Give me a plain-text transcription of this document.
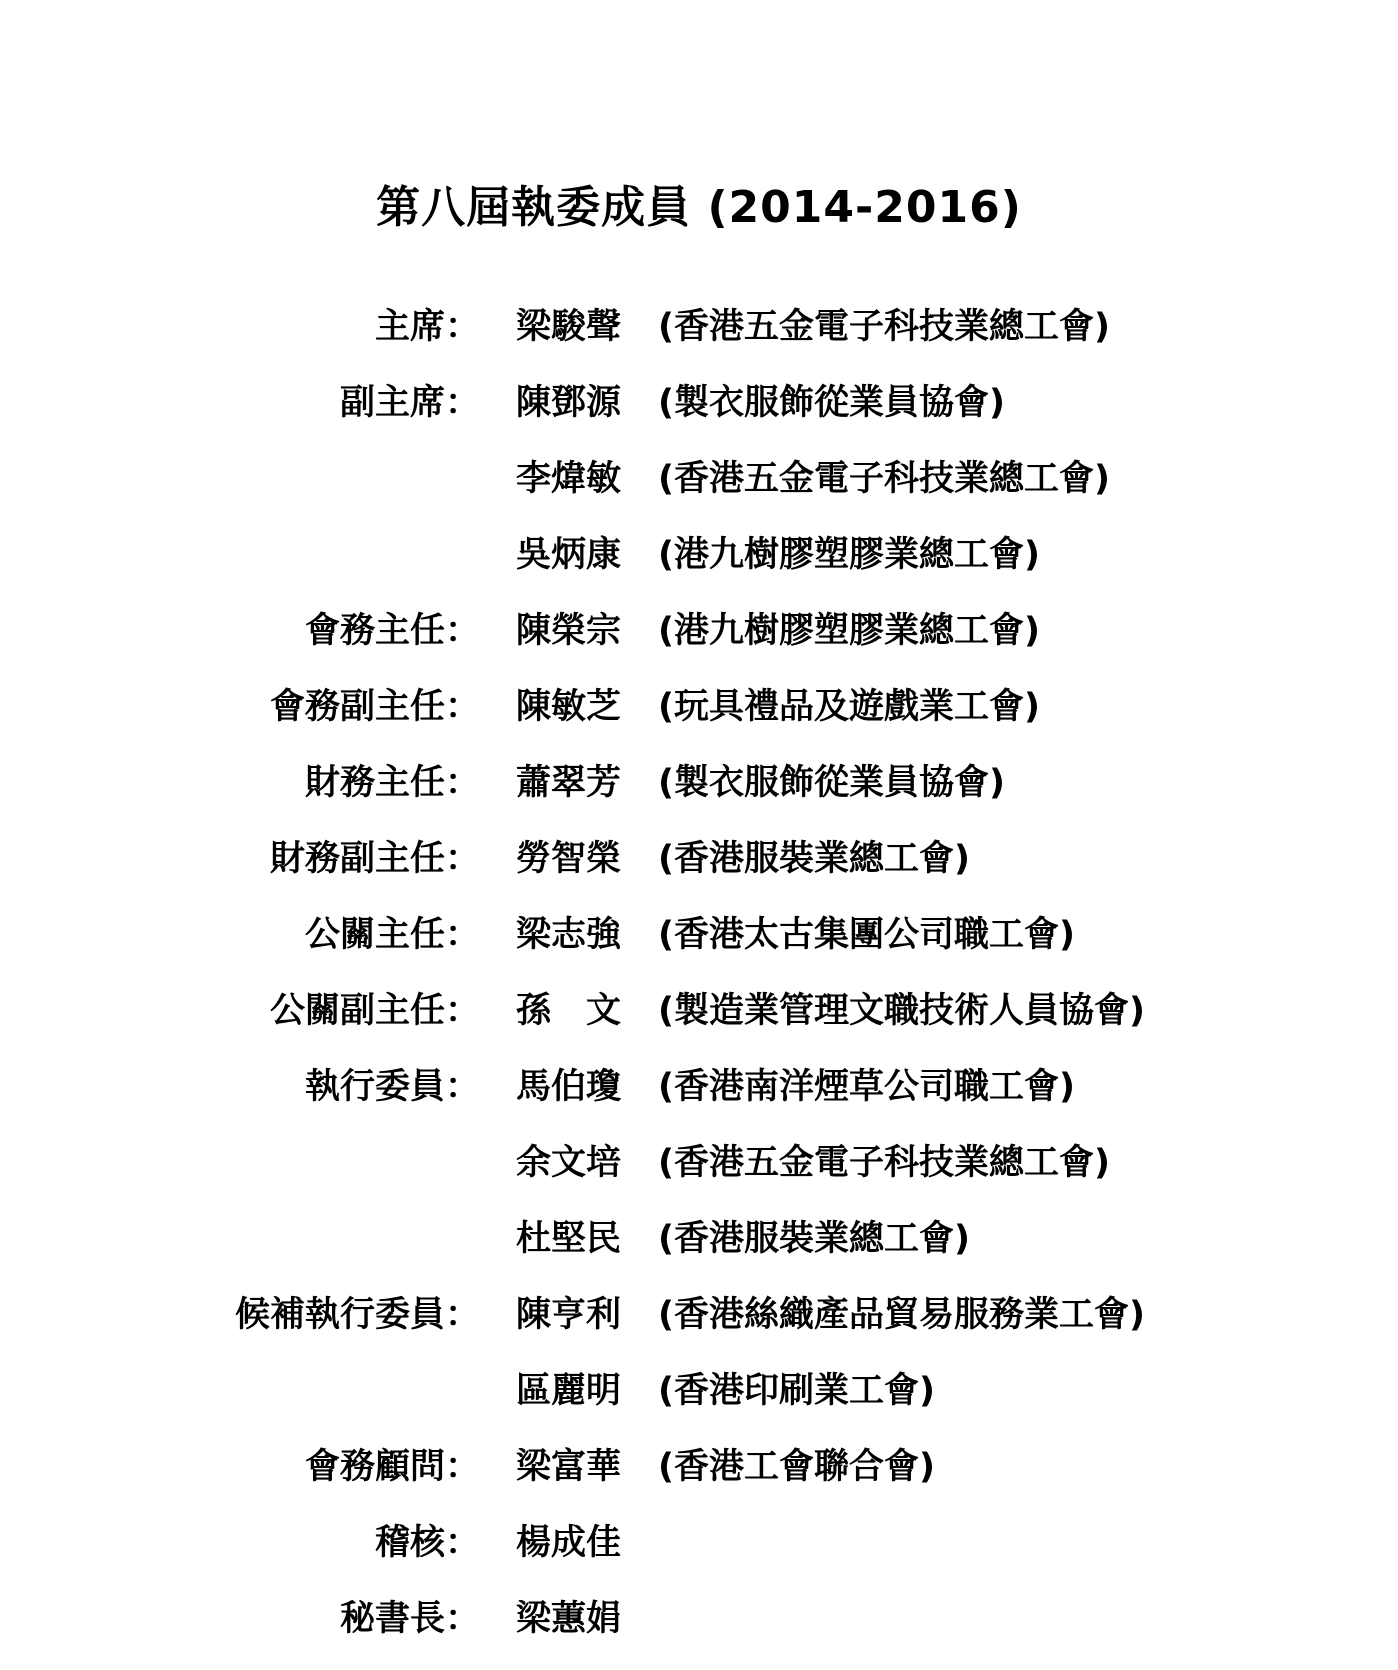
第八屆執委成員 (2014-2016)
主席： 梁駿聲 (香港五金電子科技業總工會)
副主席： 陳鄧源 (製衣服飾從業員協會)
李煒敏 (香港五金電子科技業總工會)
吳炳康 (港九樹膠塑膠業總工會)
會務主任： 陳榮宗 (港九樹膠塑膠業總工會)
會務副主任： 陳敏芝 (玩具禮品及遊戲業工會)
財務主任： 蕭翠芳 (製衣服飾從業員協會)
財務副主任： 勞智榮 (香港服裝業總工會)
公關主任： 梁志強 (香港太古集團公司職工會)
公關副主任： 孫　文 (製造業管理文職技術人員協會)
執行委員： 馬伯瓊 (香港南洋煙草公司職工會)
余文培 (香港五金電子科技業總工會)
杜堅民 (香港服裝業總工會)
候補執行委員： 陳亨利 (香港絲織產品貿易服務業工會)
區麗明 (香港印刷業工會)
會務顧問： 梁富華 (香港工會聯合會)
稽核： 楊成佳
秘書長： 梁蕙娟
